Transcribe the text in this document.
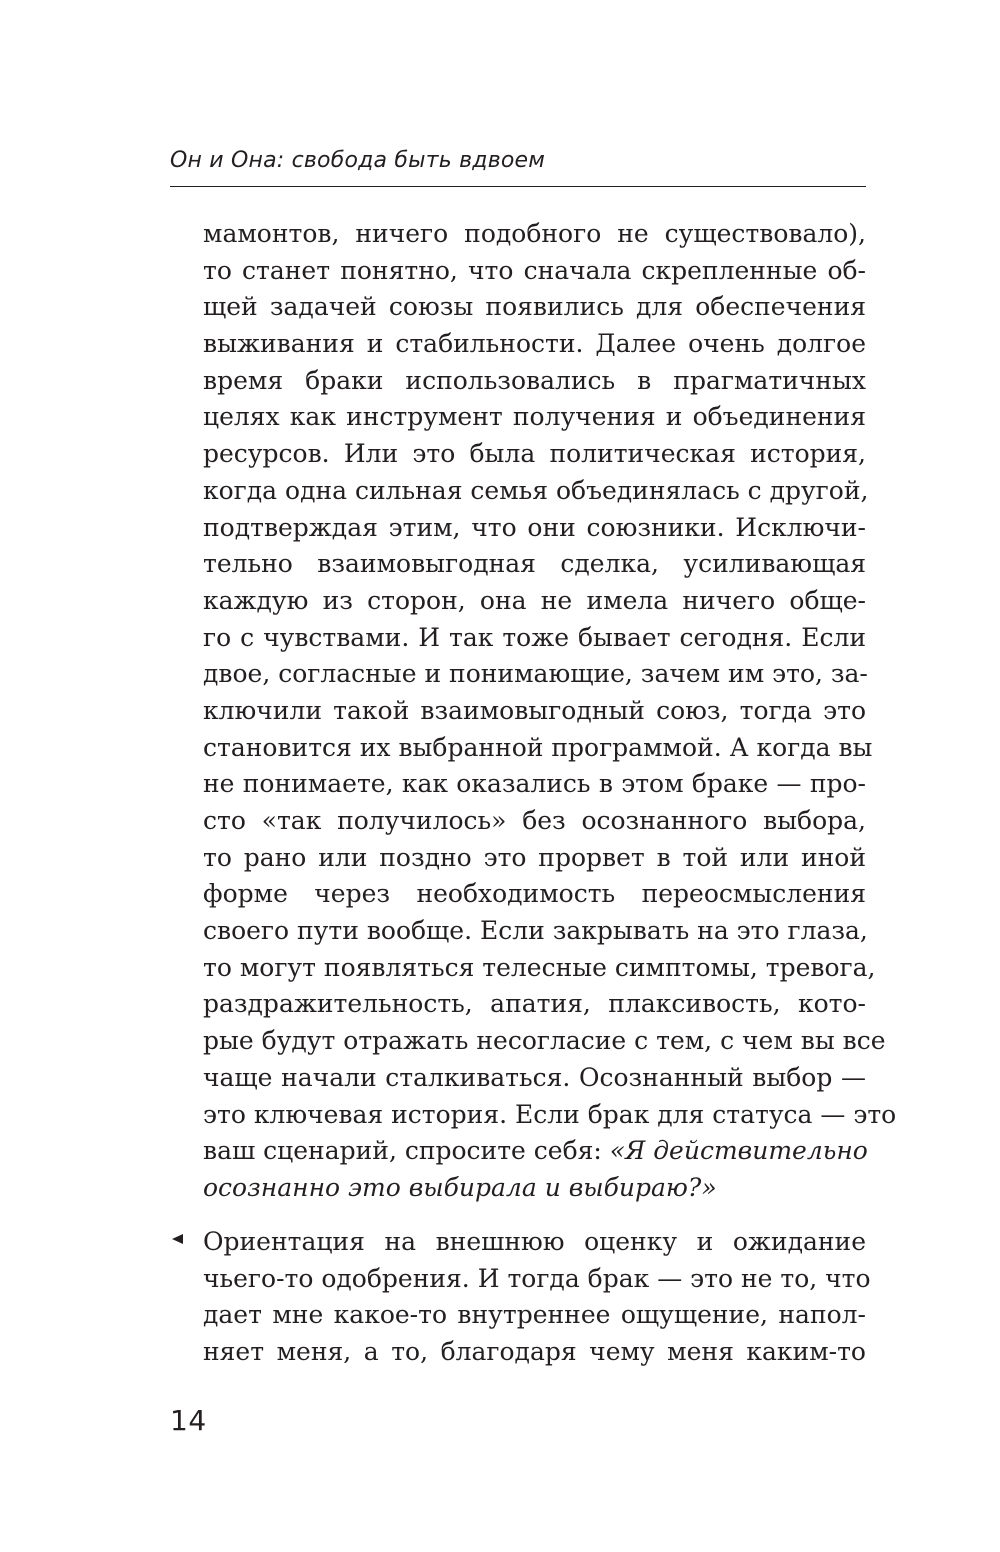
Он и Она: свобода быть вдвоем
мамонтов, ничего подобного не существовало),
то станет понятно, что сначала скрепленные об-
щей задачей союзы появились для обеспечения
выживания и стабильности. Далее очень долгое
время браки использовались в прагматичных
целях как инструмент получения и объединения
ресурсов. Или это была политическая история,
когда одна сильная семья объединялась с другой,
подтверждая этим, что они союзники. Исключи-
тельно взаимовыгодная сделка, усиливающая
каждую из сторон, она не имела ничего обще-
го с чувствами. И так тоже бывает сегодня. Если
двое, согласные и понимающие, зачем им это, за-
ключили такой взаимовыгодный союз, тогда это
становится их выбранной программой. А когда вы
не понимаете, как оказались в этом браке — про-
сто «так получилось» без осознанного выбора,
то рано или поздно это прорвет в той или иной
форме через необходимость переосмысления
своего пути вообще. Если закрывать на это глаза,
то могут появляться телесные симптомы, тревога,
раздражительность, апатия, плаксивость, кото-
рые будут отражать несогласие с тем, с чем вы все
чаще начали сталкиваться. Осознанный выбор —
это ключевая история. Если брак для статуса — это
ваш сценарий, спросите себя: «Я действительно
осознанно это выбирала и выбираю?»
Ориентация на внешнюю оценку и ожидание
чьего-то одобрения. И тогда брак — это не то, что
дает мне какое-то внутреннее ощущение, напол-
няет меня, а то, благодаря чему меня каким-то
14
